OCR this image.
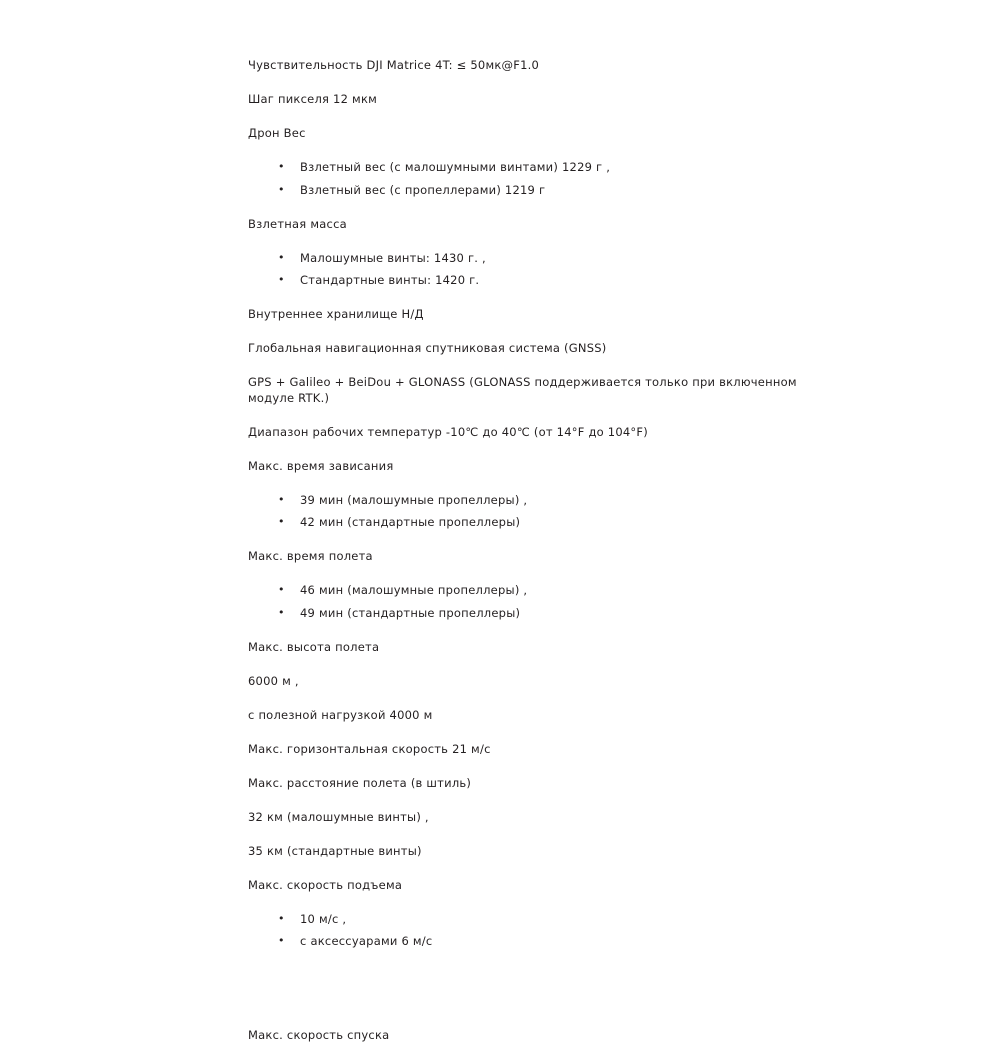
Чувствительность DJI Matrice 4T: ≤ 50мк@F1.0

Шаг пикселя 12 мкм

Дрон Вес

• Взлетный вес (с малошумными винтами) 1229 г ,
• Взлетный вес (с пропеллерами) 1219 г

Взлетная масса

• Малошумные винты: 1430 г. ,
• Стандартные винты: 1420 г.

Внутреннее хранилище Н/Д

Глобальная навигационная спутниковая система (GNSS)

GPS + Galileo + BeiDou + GLONASS (GLONASS поддерживается только при включенном модуле RTK.)

Диапазон рабочих температур -10℃ до 40℃ (от 14°F до 104°F)

Макс. время зависания

• 39 мин (малошумные пропеллеры) ,
• 42 мин (стандартные пропеллеры)

Макс. время полета

• 46 мин (малошумные пропеллеры) ,
• 49 мин (стандартные пропеллеры)

Макс. высота полета

6000 м ,

с полезной нагрузкой 4000 м

Макс. горизонтальная скорость 21 м/с

Макс. расстояние полета (в штиль)

32 км (малошумные винты) ,

35 км (стандартные винты)

Макс. скорость подъема

• 10 м/с ,
• с аксессуарами 6 м/с

Макс. скорость спуска
